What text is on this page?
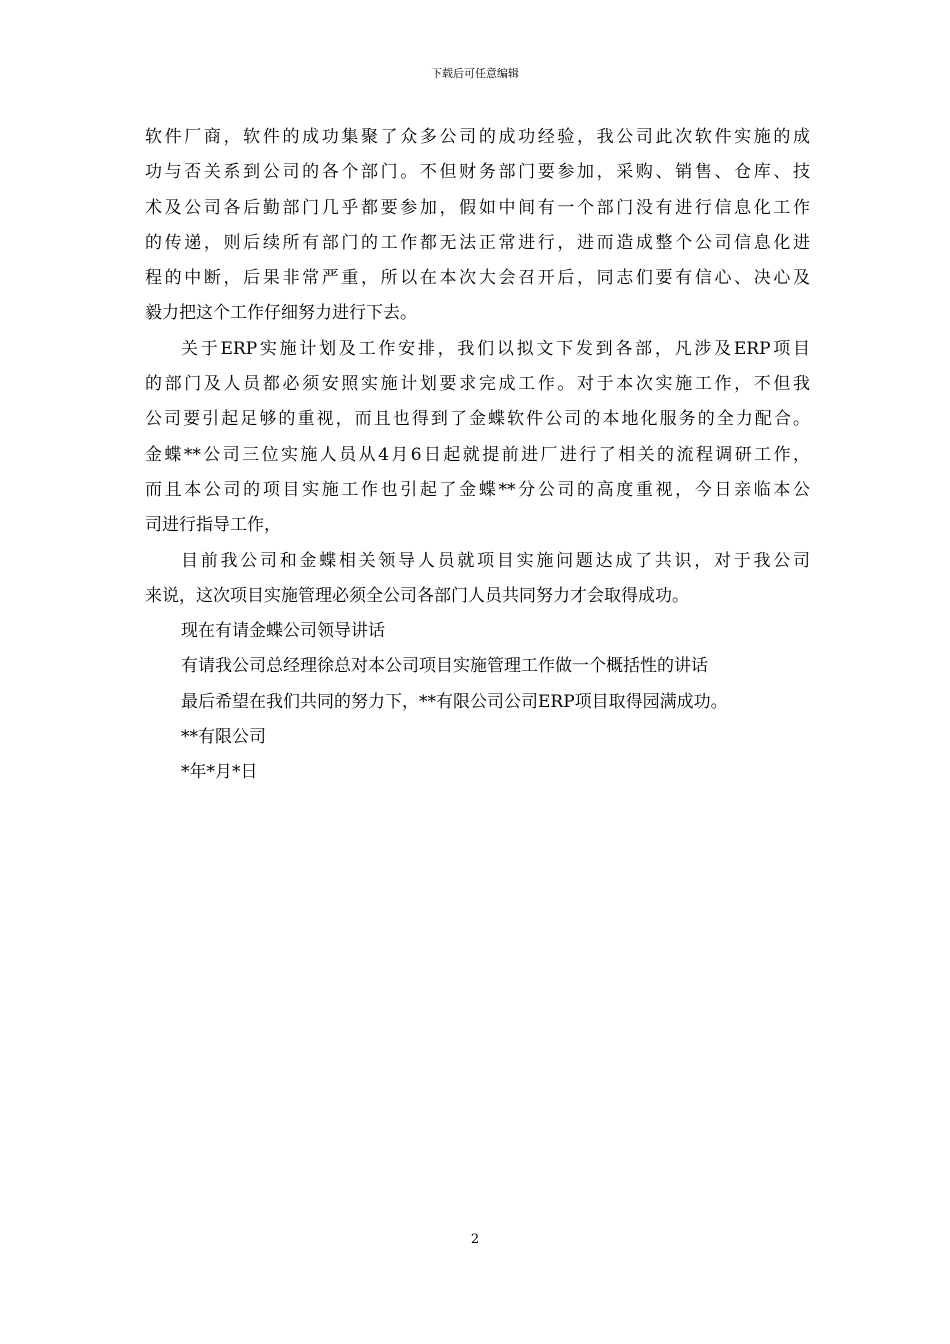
下载后可任意编辑
软件厂商，软件的成功集聚了众多公司的成功经验，我公司此次软件实施的成
功与否关系到公司的各个部门。不但财务部门要参加，采购、销售、仓库、技
术及公司各后勤部门几乎都要参加，假如中间有一个部门没有进行信息化工作
的传递，则后续所有部门的工作都无法正常进行，进而造成整个公司信息化进
程的中断，后果非常严重，所以在本次大会召开后，同志们要有信心、决心及
毅力把这个工作仔细努力进行下去。
关于ERP实施计划及工作安排，我们以拟文下发到各部，凡涉及ERP项目
的部门及人员都必须安照实施计划要求完成工作。对于本次实施工作，不但我
公司要引起足够的重视，而且也得到了金蝶软件公司的本地化服务的全力配合。
金蝶**公司三位实施人员从4月6日起就提前进厂进行了相关的流程调研工作，
而且本公司的项目实施工作也引起了金蝶**分公司的高度重视，今日亲临本公
司进行指导工作，
目前我公司和金蝶相关领导人员就项目实施问题达成了共识，对于我公司
来说，这次项目实施管理必须全公司各部门人员共同努力才会取得成功。
现在有请金蝶公司领导讲话
有请我公司总经理徐总对本公司项目实施管理工作做一个概括性的讲话
最后希望在我们共同的努力下，**有限公司公司ERP项目取得园满成功。
**有限公司
*年*月*日
2
